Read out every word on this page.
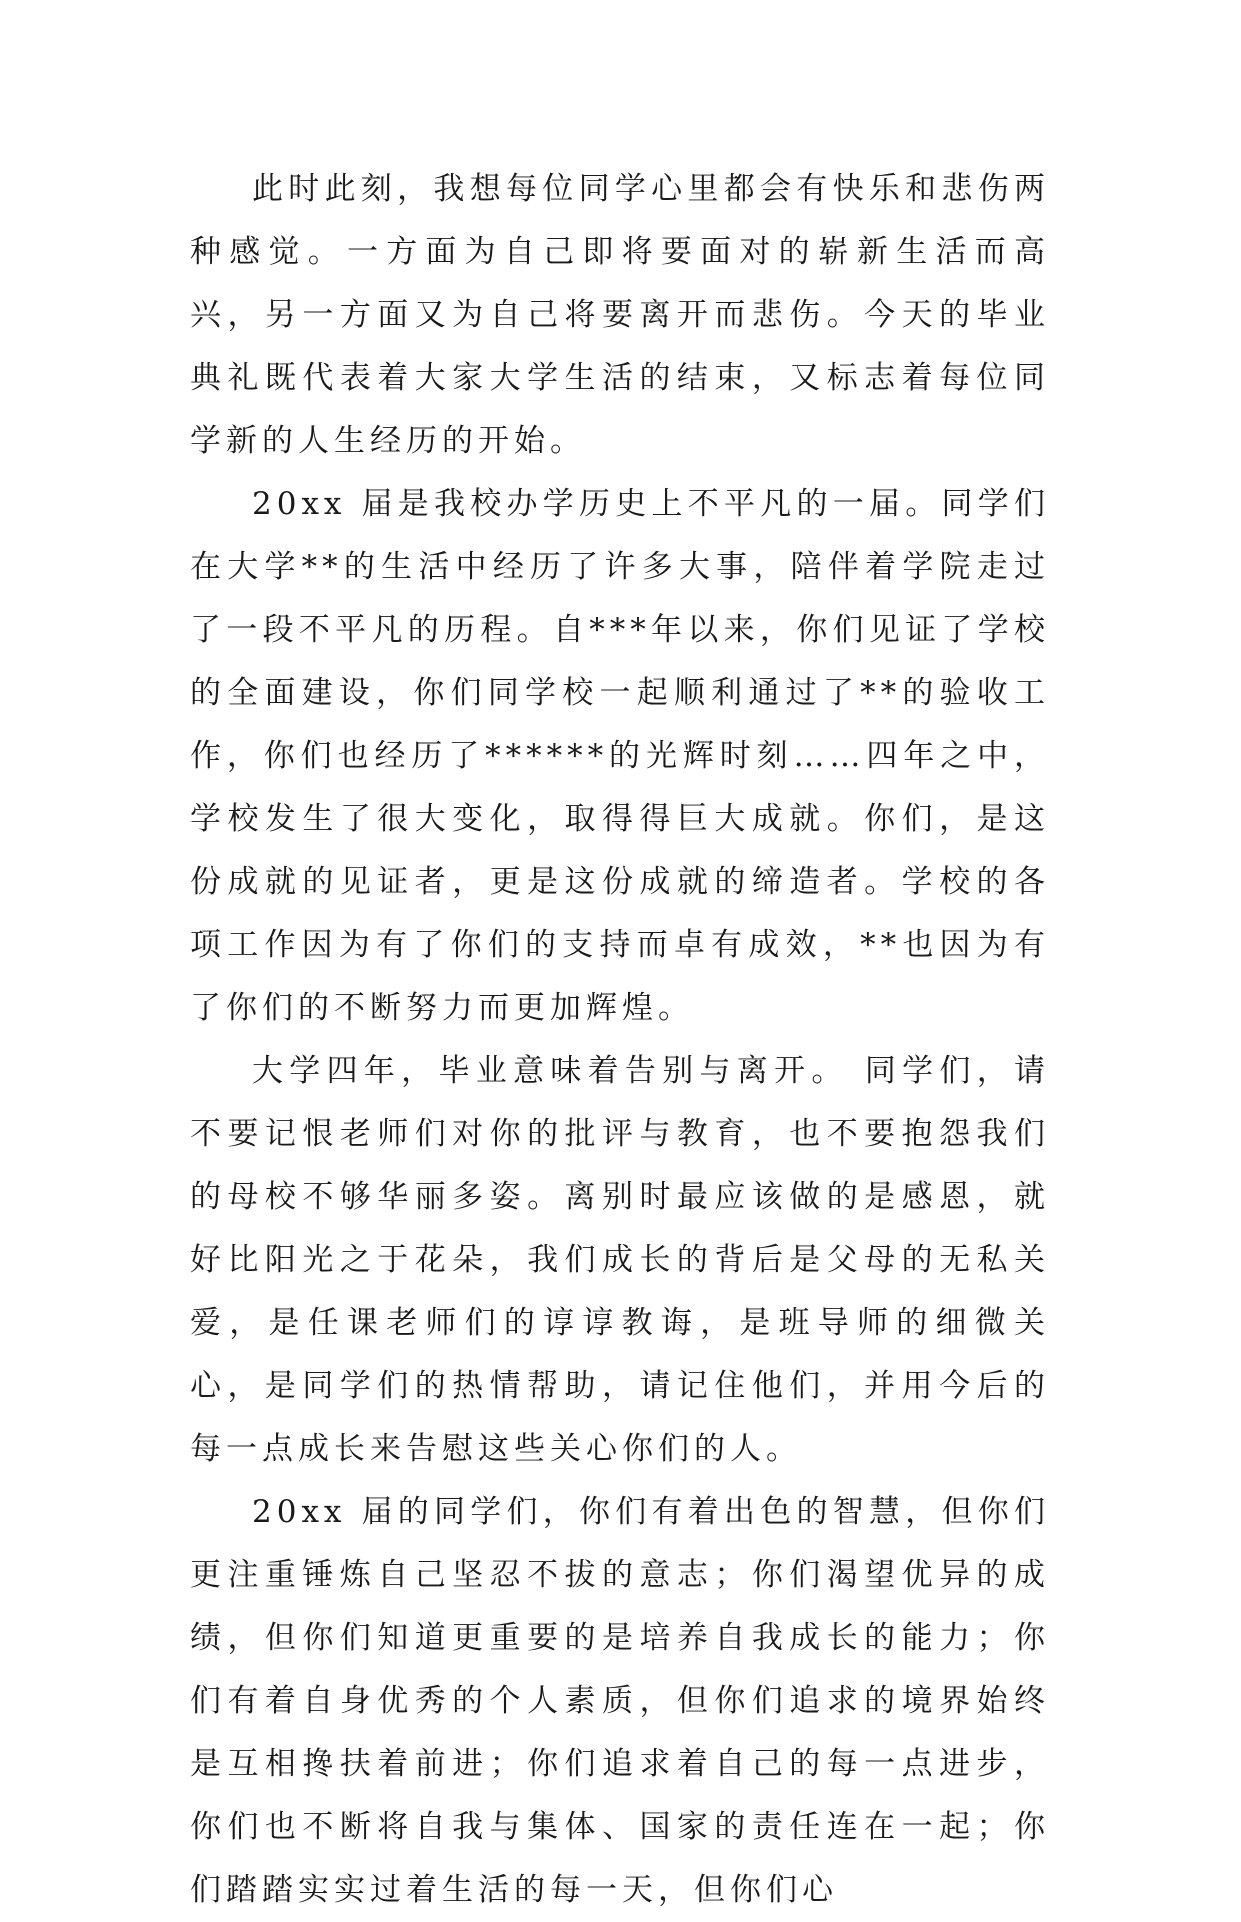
此时此刻，我想每位同学心里都会有快乐和悲伤两种感觉。一方面为自己即将要面对的崭新生活而高兴，另一方面又为自己将要离开而悲伤。今天的毕业典礼既代表着大家大学生活的结束，又标志着每位同学新的人生经历的开始。

20xx 届是我校办学历史上不平凡的一届。同学们在大学**的生活中经历了许多大事，陪伴着学院走过了一段不平凡的历程。自***年以来，你们见证了学校的全面建设，你们同学校一起顺利通过了**的验收工作，你们也经历了******的光辉时刻……四年之中，学校发生了很大变化，取得得巨大成就。你们，是这份成就的见证者，更是这份成就的缔造者。学校的各项工作因为有了你们的支持而卓有成效，**也因为有了你们的不断努力而更加辉煌。

大学四年，毕业意味着告别与离开。 同学们，请不要记恨老师们对你的批评与教育，也不要抱怨我们的母校不够华丽多姿。离别时最应该做的是感恩，就好比阳光之于花朵，我们成长的背后是父母的无私关爱，是任课老师们的谆谆教诲，是班导师的细微关心，是同学们的热情帮助，请记住他们，并用今后的每一点成长来告慰这些关心你们的人。

20xx 届的同学们，你们有着出色的智慧，但你们更注重锤炼自己坚忍不拔的意志；你们渴望优异的成绩，但你们知道更重要的是培养自我成长的能力；你们有着自身优秀的个人素质，但你们追求的境界始终是互相搀扶着前进；你们追求着自己的每一点进步，你们也不断将自我与集体、国家的责任连在一起；你们踏踏实实过着生活的每一天，但你们心
